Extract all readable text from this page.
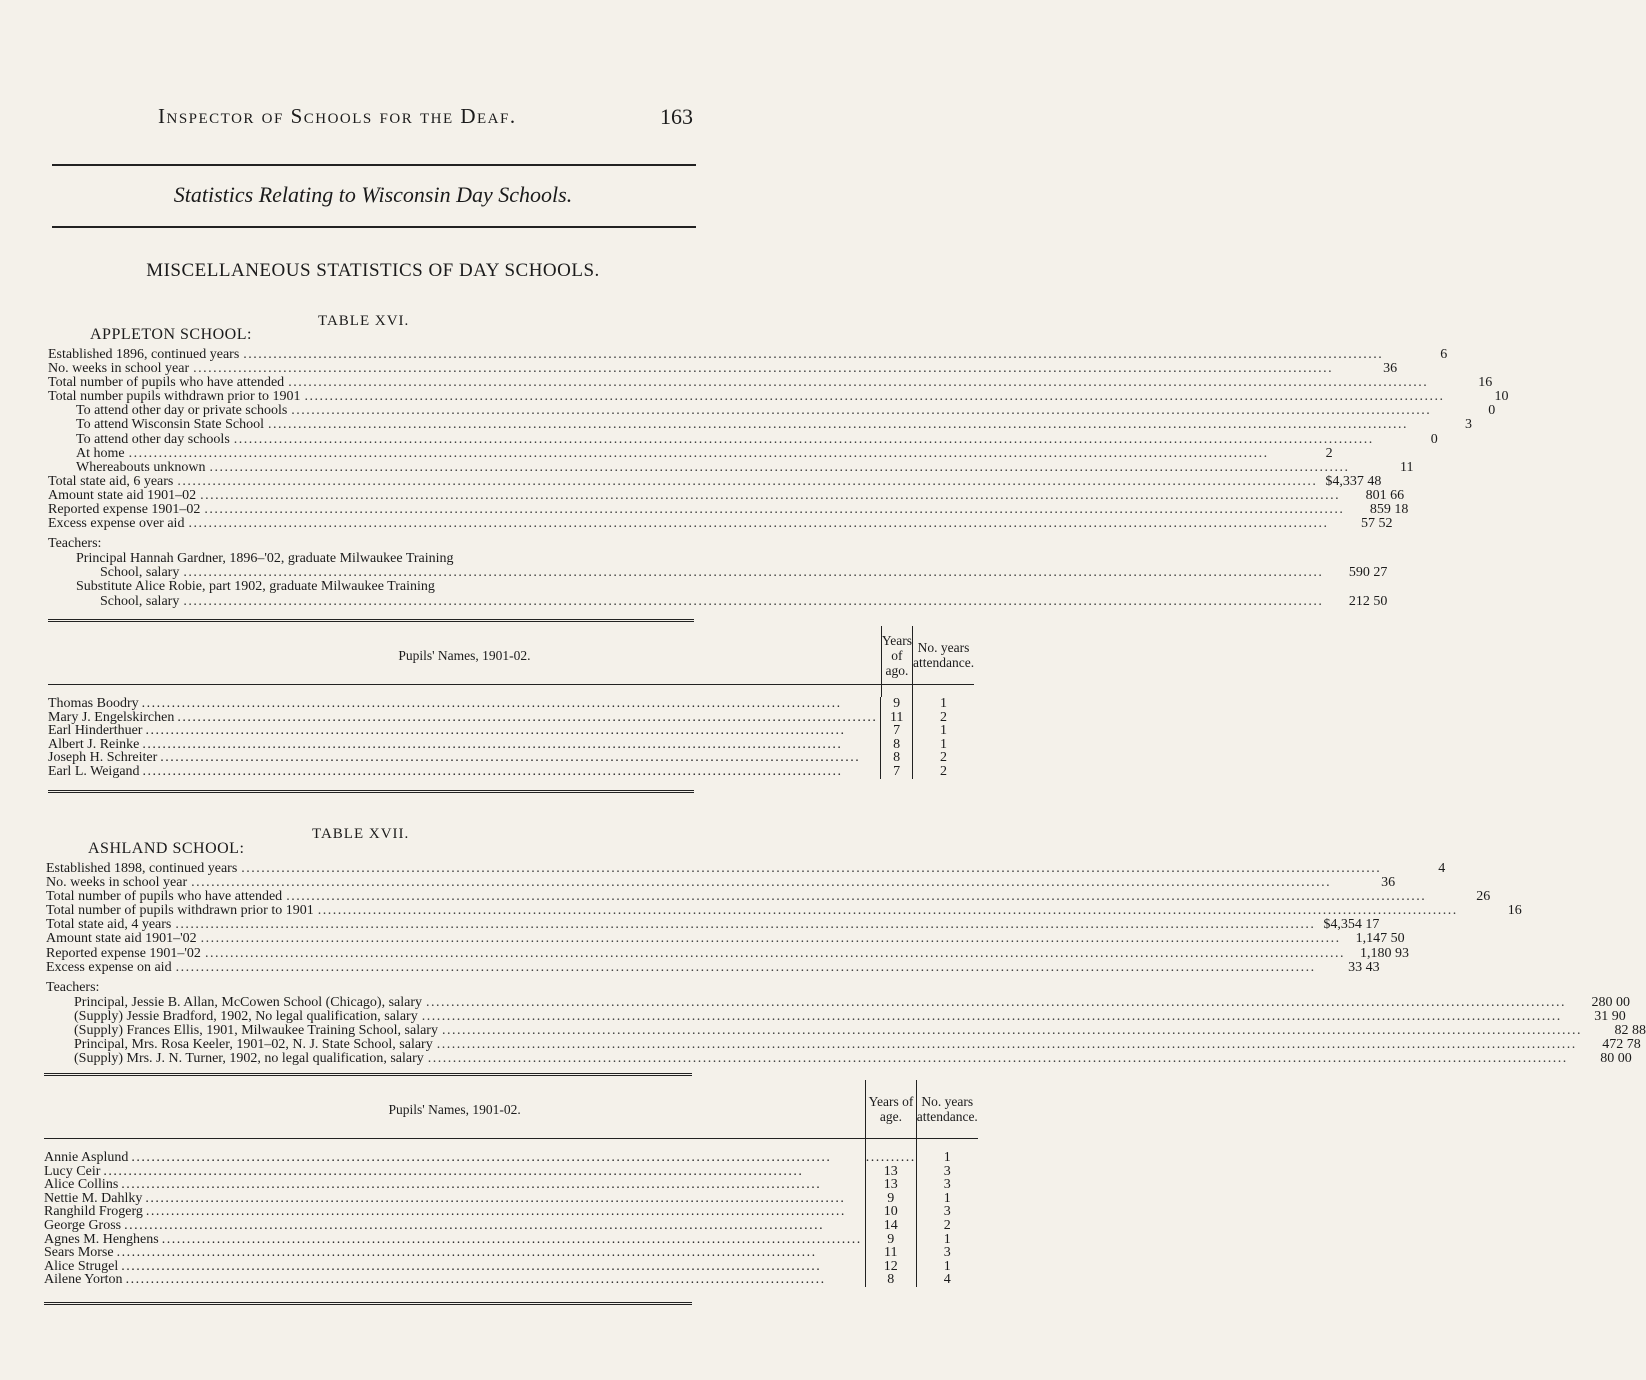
Inspector of Schools for the Deaf.	163
Statistics Relating to Wisconsin Day Schools.
MISCELLANEOUS STATISTICS OF DAY SCHOOLS.
TABLE XVI.
APPLETON SCHOOL:
Established 1896, continued years .....	6
No. weeks in school year .....	36
Total number of pupils who have attended .....	16
Total number pupils withdrawn prior to 1901 .....	10
To attend other day or private schools .....	0
To attend Wisconsin State School .....	3
To attend other day schools .....	0
At home .....	2
Whereabouts unknown .....	11
Total state aid, 6 years .....	$4,337 48
Amount state aid 1901–02 .....	801 66
Reported expense 1901–02 .....	859 18
Excess expense over aid .....	57 52
Teachers:
Principal Hannah Gardner, 1896–'02, graduate Milwaukee Training
School, salary .....	590 27
Substitute Alice Robie, part 1902, graduate Milwaukee Training
School, salary .....	212 50
Pupils' Names, 1901-02.	Years of ago.	No. years attendance.

Thomas Boodry .....	9	1

Mary J. Engelskirchen .....	11	2

Earl Hinderthuer .....	7	1

Albert J. Reinke .....	8	1

Joseph H. Schreiter .....	8	2

Earl L. Weigand .....	7	2
TABLE XVII.
ASHLAND SCHOOL:
Established 1898, continued years .....	4
No. weeks in school year .....	36
Total number of pupils who have attended .....	26
Total number of pupils withdrawn prior to 1901 .....	16
Total state aid, 4 years .....	$4,354 17
Amount state aid 1901–'02 .....	1,147 50
Reported expense 1901–'02 .....	1,180 93
Excess expense on aid .....	33 43
Teachers:
Principal, Jessie B. Allan, McCowen School (Chicago), salary .....	280 00
(Supply) Jessie Bradford, 1902, No legal qualification, salary .....	31 90
(Supply) Frances Ellis, 1901, Milwaukee Training School, salary .....	82 88
Principal, Mrs. Rosa Keeler, 1901–02, N. J. State School, salary .....	472 78
(Supply) Mrs. J. N. Turner, 1902, no legal qualification, salary .....	80 00
Pupils' Names, 1901-02.	Years of age.	No. years attendance.

Annie Asplund .....	..........	1

Lucy Ceir .....	13	3

Alice Collins .....	13	3

Nettie M. Dahlky .....	9	1

Ranghild Frogerg .....	10	3

George Gross .....	14	2

Agnes M. Henghens .....	9	1

Sears Morse .....	11	3

Alice Strugel .....	12	1

Ailene Yorton .....	8	4
